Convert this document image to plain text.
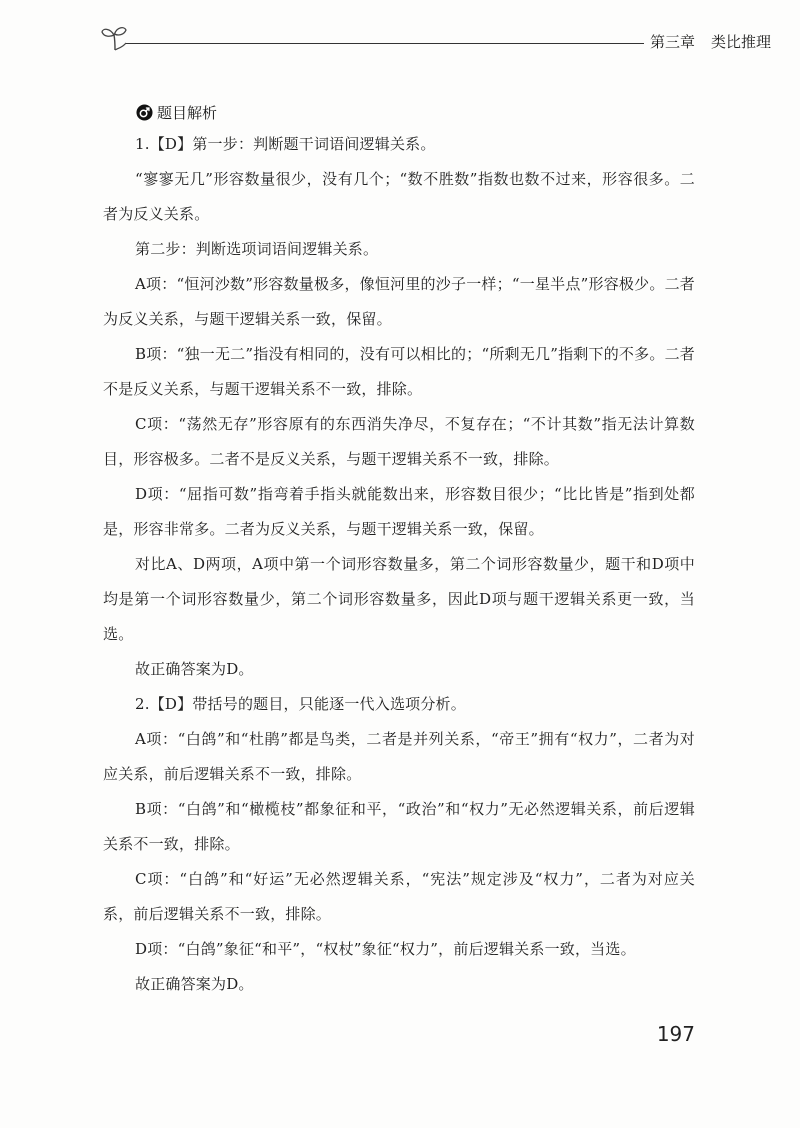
第三章 类比推理
题目解析

1.【D】第一步：判断题干词语间逻辑关系。

“寥寥无几”形容数量很少，没有几个；“数不胜数”指数也数不过来，形容很多。二者为反义关系。

第二步：判断选项词语间逻辑关系。

A项：“恒河沙数”形容数量极多，像恒河里的沙子一样；“一星半点”形容极少。二者为反义关系，与题干逻辑关系一致，保留。

B项：“独一无二”指没有相同的，没有可以相比的；“所剩无几”指剩下的不多。二者不是反义关系，与题干逻辑关系不一致，排除。

C项：“荡然无存”形容原有的东西消失净尽，不复存在；“不计其数”指无法计算数目，形容极多。二者不是反义关系，与题干逻辑关系不一致，排除。

D项：“屈指可数”指弯着手指头就能数出来，形容数目很少；“比比皆是”指到处都是，形容非常多。二者为反义关系，与题干逻辑关系一致，保留。

对比A、D两项，A项中第一个词形容数量多，第二个词形容数量少，题干和D项中均是第一个词形容数量少，第二个词形容数量多，因此D项与题干逻辑关系更一致，当选。

故正确答案为D。

2.【D】带括号的题目，只能逐一代入选项分析。

A项：“白鸽”和“杜鹃”都是鸟类，二者是并列关系，“帝王”拥有“权力”，二者为对应关系，前后逻辑关系不一致，排除。

B项：“白鸽”和“橄榄枝”都象征和平，“政治”和“权力”无必然逻辑关系，前后逻辑关系不一致，排除。

C项：“白鸽”和“好运”无必然逻辑关系，“宪法”规定涉及“权力”，二者为对应关系，前后逻辑关系不一致，排除。

D项：“白鸽”象征“和平”，“权杖”象征“权力”，前后逻辑关系一致，当选。

故正确答案为D。

197
